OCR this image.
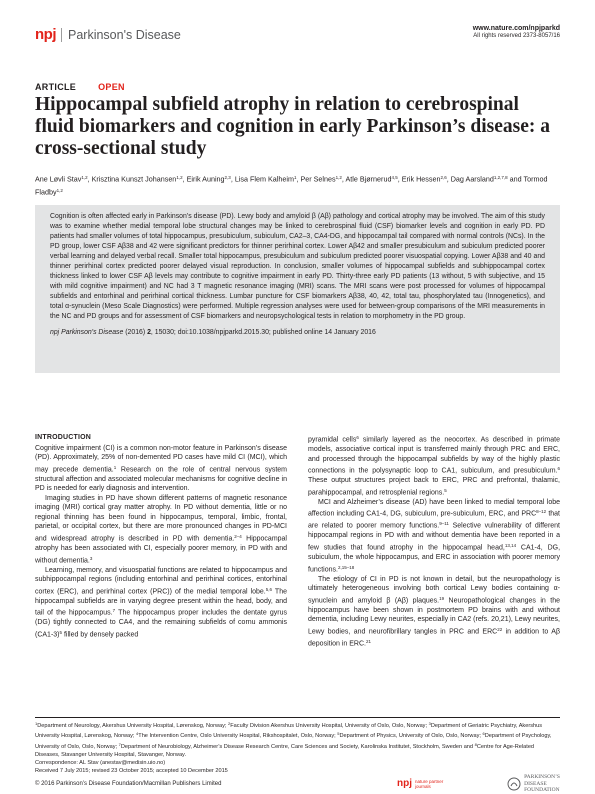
npj Parkinson's Disease	www.nature.com/npjparkd
All rights reserved 2373-8057/16
ARTICLE OPEN
Hippocampal subfield atrophy in relation to cerebrospinal fluid biomarkers and cognition in early Parkinson’s disease: a cross-sectional study
Ane Løvli Stav$^{1,2}$, Krisztina Kunszt Johansen$^{1,2}$, Eirik Auning$^{2,3}$, Lisa Flem Kalheim$^1$, Per Selnes$^{1,2}$, Atle Bjørnerud$^{4,5}$, Erik Hessen$^{2,6}$, Dag Aarsland$^{1,2,7,8}$ and Tormod Fladby$^{1,2}$

Cognition is often affected early in Parkinson’s disease (PD). Lewy body and amyloid β (Aβ) pathology and cortical atrophy may be involved. The aim of this study was to examine whether medial temporal lobe structural changes may be linked to cerebrospinal fluid (CSF) biomarker levels and cognition in early PD. PD patients had smaller volumes of total hippocampus, presubiculum, subiculum, CA2–3, CA4-DG, and hippocampal tail compared with normal controls (NCs). In the PD group, lower CSF Aβ38 and 42 were significant predictors for thinner perirhinal cortex. Lower Aβ42 and smaller presubiculum and subiculum predicted poorer verbal learning and delayed verbal recall. Smaller total hippocampus, presubiculum and subiculum predicted poorer visuospatial copying. Lower Aβ38 and 40 and thinner perirhinal cortex predicted poorer delayed visual reproduction. In conclusion, smaller volumes of hippocampal subfields and subhippocampal cortex thickness linked to lower CSF Aβ levels may contribute to cognitive impairment in early PD. Thirty-three early PD patients (13 without, 5 with subjective, and 15 with mild cognitive impairment) and NC had 3 T magnetic resonance imaging (MRI) scans. The MRI scans were post processed for volumes of hippocampal subfields and entorhinal and perirhinal cortical thickness. Lumbar puncture for CSF biomarkers Aβ38, 40, 42, total tau, phosphorylated tau (Innogenetics), and total α-synuclein (Meso Scale Diagnostics) were performed. Multiple regression analyses were used for between-group comparisons of the MRI measurements in the NC and PD groups and for assessment of CSF biomarkers and neuropsychological tests in relation to morphometry in the PD group.

npj Parkinson's Disease (2016) 2, 15030; doi:10.1038/npjparkd.2015.30; published online 14 January 2016
INTRODUCTION

Cognitive impairment (CI) is a common non-motor feature in Parkinson’s disease (PD). Approximately, 25% of non-demented PD cases have mild CI (MCI), which may precede dementia.$^1$ Research on the role of central nervous system structural affection and associated molecular mechanisms for cognitive decline in PD is needed for early diagnosis and intervention.

Imaging studies in PD have shown different patterns of magnetic resonance imaging (MRI) cortical gray matter atrophy. In PD without dementia, little or no regional thinning has been found in hippocampus, temporal, limbic, frontal, parietal, or occipital cortex, but there are more pronounced changes in PD-MCI and widespread atrophy is described in PD with dementia.$^{2-4}$ Hippocampal atrophy has been associated with CI, especially poorer memory, in PD with and without dementia.$^3$

Learning, memory, and visuospatial functions are related to hippocampus and subhippocampal regions (including entorhinal and perirhinal cortices, entorhinal cortex (ERC), and perirhinal cortex (PRC)) of the medial temporal lobe.$^{5,6}$ The hippocampal subfields are in varying degree present within the head, body, and tail of the hippocampus.$^7$ The hippocampus proper includes the dentate gyrus (DG) tightly connected to CA4, and the remaining subfields of cornu ammonis $(CA1-3)^5$ filled by densely packed

pyramidal cells$^6$ similarly layered as the neocortex. As described in primate models, associative cortical input is transferred mainly through PRC and ERC, and processed through the hippocampal subfields by way of the highly plastic connections in the polysynaptic loop to CA1, subiculum, and presubiculum.$^6$ These output structures project back to ERC, PRC and prefrontal, thalamic, parahippocampal, and retrosplenial regions.$^5$

MCI and Alzheimer’s disease (AD) have been linked to medial temporal lobe affection including CA1-4, DG, subiculum, pre-subiculum, ERC, and PRC$^{8-12}$ that are related to poorer memory functions.$^{9-11}$ Selective vulnerability of different hippocampal regions in PD with and without dementia have been reported in a few studies that found atrophy in the hippocampal head,$^{13,14}$ CA1-4, DG, subiculum, the whole hippocampus, and ERC in association with poorer memory functions.$^{2,15-18}$

The etiology of CI in PD is not known in detail, but the neuropathology is ultimately heterogeneous involving both cortical Lewy bodies containing α-synuclein and amyloid β (Aβ) plaques.$^{19}$ Neuropathological changes in the hippocampus have been shown in postmortem PD brains with and without dementia, including Lewy neurites, especially in CA2 (refs. 20,21), Lewy neurites, Lewy bodies, and neurofibrillary tangles in PRC and ERC$^{22}$ in addition to Aβ deposition in ERC.$^{21}$

$^1$Department of Neurology, Akershus University Hospital, Lørenskog, Norway; $^2$Faculty Division Akershus University Hospital, University of Oslo, Oslo, Norway; $^3$Department of Geriatric Psychiatry, Akershus University Hospital, Lørenskog, Norway; $^4$The Intervention Centre, Oslo University Hospital, Rikshospitalet, Oslo, Norway; $^5$Department of Physics, University of Oslo, Oslo, Norway; $^6$Department of Psychology, University of Oslo, Oslo, Norway; $^7$Department of Neurobiology, Alzheimer’s Disease Research Centre, Care Sciences and Society, Karolinska Institutet, Stockholm, Sweden and $^8$Centre for Age-Related Diseases, Stavanger University Hospital, Stavanger, Norway.
Correspondence: AL Stav (anestav@medisin.uio.no)
Received 7 July 2015; revised 23 October 2015; accepted 10 December 2015
© 2016 Parkinson’s Disease Foundation/Macmillan Publishers Limited	npj nature partner
journals
PARKINSON’S
DISEASE
FOUNDATION
